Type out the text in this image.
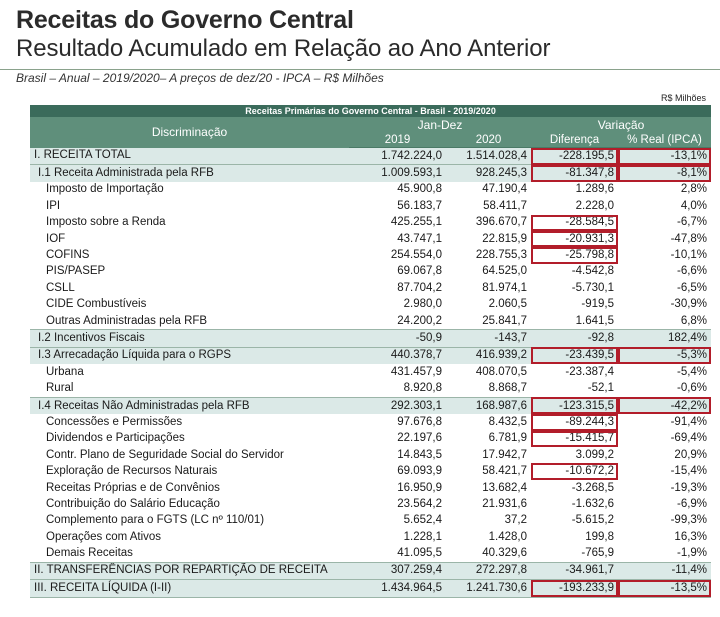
Receitas do Governo Central
Resultado Acumulado em Relação ao Ano Anterior
Brasil – Anual – 2019/2020– A preços de dez/20 - IPCA – R$ Milhões
R$ Milhões
Receitas Primárias do Governo Central - Brasil - 2019/2020				
Discriminação	Jan-Dez		Variação	
	2019	2020	Diferença	% Real (IPCA)
I. RECEITA TOTAL	1.742.224,0	1.514.028,4	-228.195,5	-13,1%
I.1 Receita Administrada pela RFB	1.009.593,1	928.245,3	-81.347,8	-8,1%
Imposto de Importação	45.900,8	47.190,4	1.289,6	2,8%
IPI	56.183,7	58.411,7	2.228,0	4,0%
Imposto sobre a Renda	425.255,1	396.670,7	-28.584,5	-6,7%
IOF	43.747,1	22.815,9	-20.931,3	-47,8%
COFINS	254.554,0	228.755,3	-25.798,8	-10,1%
PIS/PASEP	69.067,8	64.525,0	-4.542,8	-6,6%
CSLL	87.704,2	81.974,1	-5.730,1	-6,5%
CIDE Combustíveis	2.980,0	2.060,5	-919,5	-30,9%
Outras Administradas pela RFB	24.200,2	25.841,7	1.641,5	6,8%
I.2 Incentivos Fiscais	-50,9	-143,7	-92,8	182,4%
I.3 Arrecadação Líquida para o RGPS	440.378,7	416.939,2	-23.439,5	-5,3%
Urbana	431.457,9	408.070,5	-23.387,4	-5,4%
Rural	8.920,8	8.868,7	-52,1	-0,6%
I.4 Receitas Não Administradas pela RFB	292.303,1	168.987,6	-123.315,5	-42,2%
Concessões e Permissões	97.676,8	8.432,5	-89.244,3	-91,4%
Dividendos e Participações	22.197,6	6.781,9	-15.415,7	-69,4%
Contr. Plano de Seguridade Social do Servidor	14.843,5	17.942,7	3.099,2	20,9%
Exploração de Recursos Naturais	69.093,9	58.421,7	-10.672,2	-15,4%
Receitas Próprias e de Convênios	16.950,9	13.682,4	-3.268,5	-19,3%
Contribuição do Salário Educação	23.564,2	21.931,6	-1.632,6	-6,9%
Complemento para o FGTS (LC nº 110/01)	5.652,4	37,2	-5.615,2	-99,3%
Operações com Ativos	1.228,1	1.428,0	199,8	16,3%
Demais Receitas	41.095,5	40.329,6	-765,9	-1,9%
II. TRANSFERÊNCIAS POR REPARTIÇÃO DE RECEITA	307.259,4	272.297,8	-34.961,7	-11,4%
III. RECEITA LÍQUIDA (I-II)	1.434.964,5	1.241.730,6	-193.233,9	-13,5%
